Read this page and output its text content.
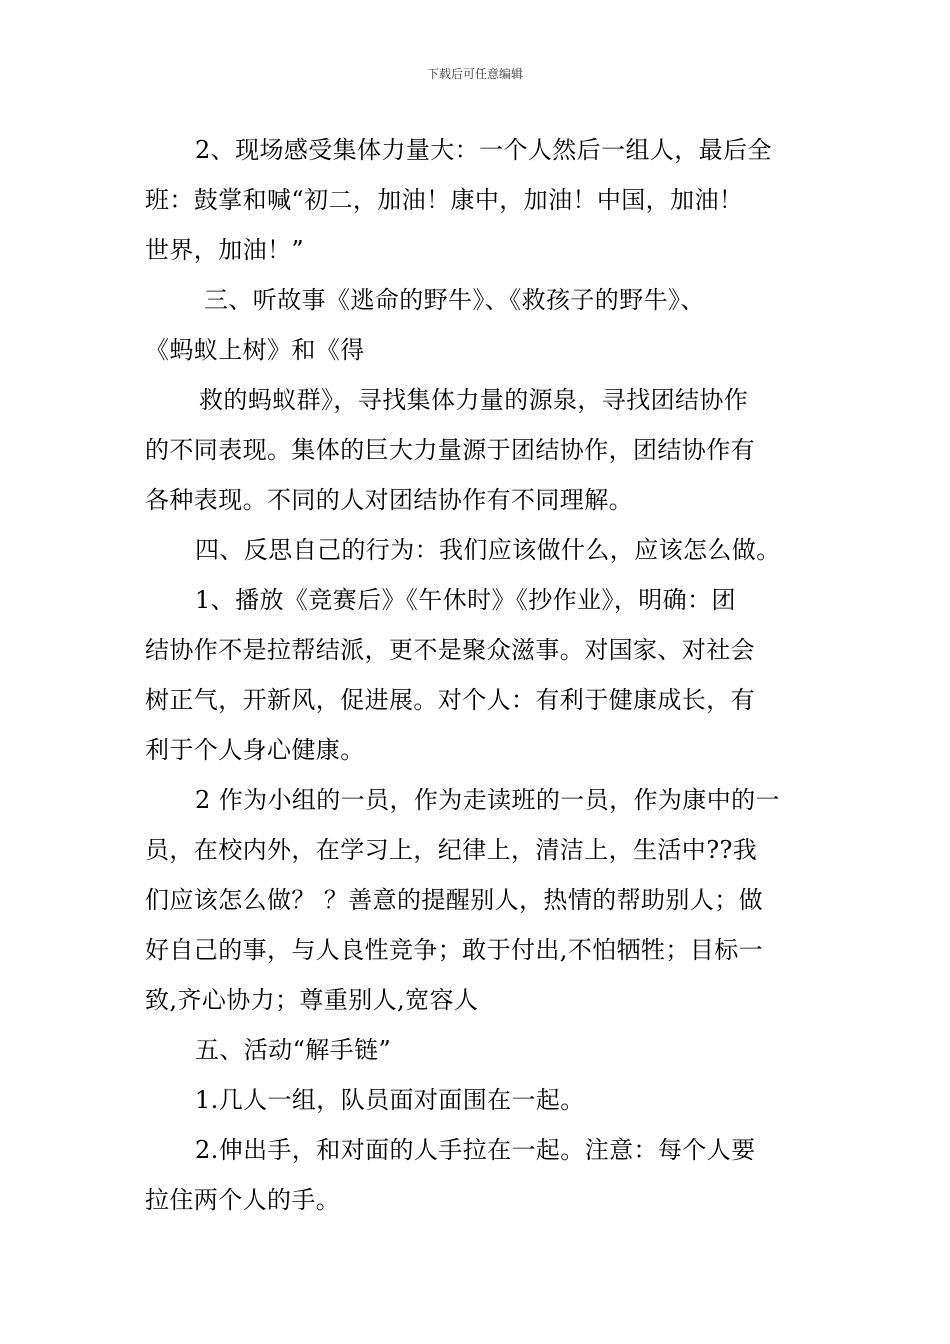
下载后可任意编辑
2、现场感受集体力量大：一个人然后一组人，最后全
班：鼓掌和喊“初二，加油！康中，加油！中国，加油！
世界，加油！”
三、听故事《逃命的野牛》、《救孩子的野牛》、
《蚂蚁上树》和《得
救的蚂蚁群》，寻找集体力量的源泉，寻找团结协作
的不同表现。集体的巨大力量源于团结协作，团结协作有
各种表现。不同的人对团结协作有不同理解。
四、反思自己的行为：我们应该做什么，应该怎么做。
1、播放《竞赛后》《午休时》《抄作业》，明确：团
结协作不是拉帮结派，更不是聚众滋事。对国家、对社会
树正气，开新风，促进展。对个人：有利于健康成长，有
利于个人身心健康。
2 作为小组的一员，作为走读班的一员，作为康中的一
员，在校内外，在学习上，纪律上，清洁上，生活中??我
们应该怎么做？ ？善意的提醒别人，热情的帮助别人；做
好自己的事，与人良性竞争；敢于付出,不怕牺牲；目标一
致,齐心协力；尊重别人,宽容人
五、活动“解手链”
1.几人一组，队员面对面围在一起。
2.伸出手，和对面的人手拉在一起。注意：每个人要
拉住两个人的手。
